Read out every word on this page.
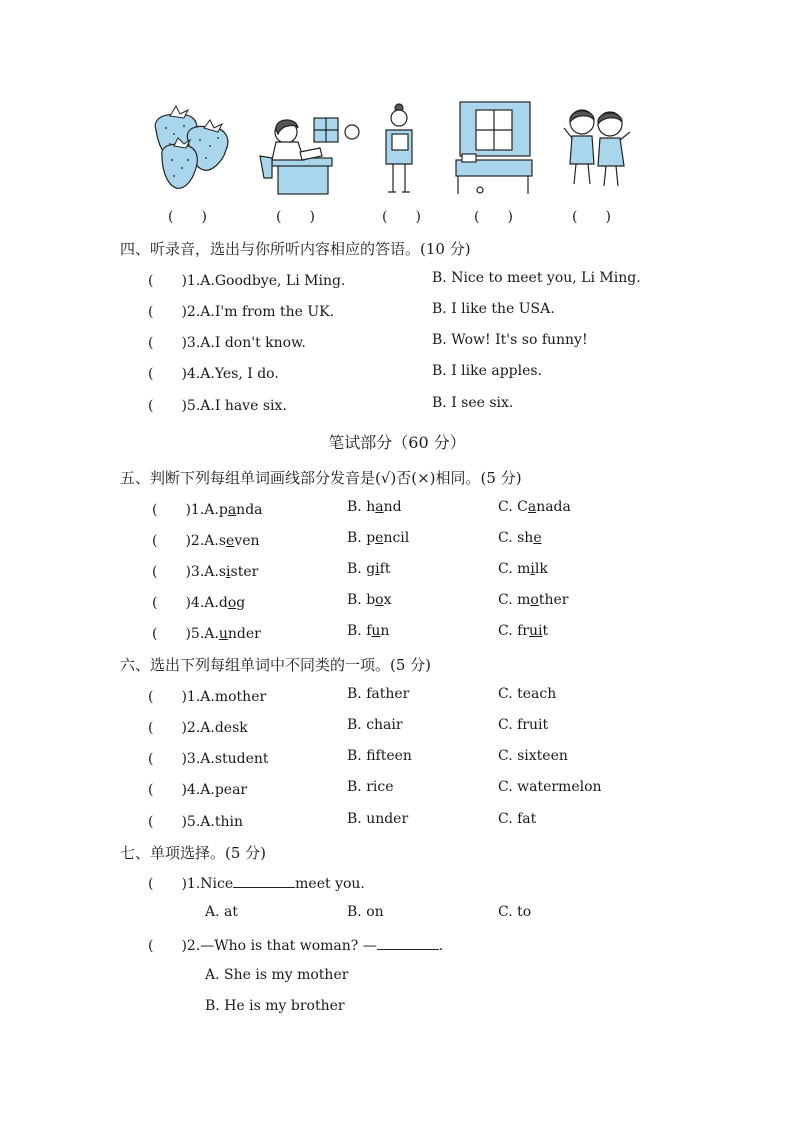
(　　)	(　　)	(　　)	(　　)	(　　)
四、听录音，选出与你所听内容相应的答语。(10 分)
(　　)1.A.Goodbye, Li Ming.	B. Nice to meet you, Li Ming.
(　　)2.A.I'm from the UK.	B. I like the USA.
(　　)3.A.I don't know.	B. Wow! It's so funny!
(　　)4.A.Yes, I do.	B. I like apples.
(　　)5.A.I have six.	B. I see six.
笔试部分（60 分）
五、判断下列每组单词画线部分发音是(√)否(×)相同。(5 分)
(　　)1.A.panda	B. hand	C. Canada
(　　)2.A.seven	B. pencil	C. she
(　　)3.A.sister	B. gift	C. milk
(　　)4.A.dog	B. box	C. mother
(　　)5.A.under	B. fun	C. fruit
六、选出下列每组单词中不同类的一项。(5 分)
(　　)1.A.mother	B. father	C. teach
(　　)2.A.desk	B. chair	C. fruit
(　　)3.A.student	B. fifteen	C. sixteen
(　　)4.A.pear	B. rice	C. watermelon
(　　)5.A.thin	B. under	C. fat
七、单项选择。(5 分)
(　　)1.Nice	meet you.
A. at	B. on	C. to
(　　)2.—Who is that woman? —	.
A. She is my mother
B. He is my brother
